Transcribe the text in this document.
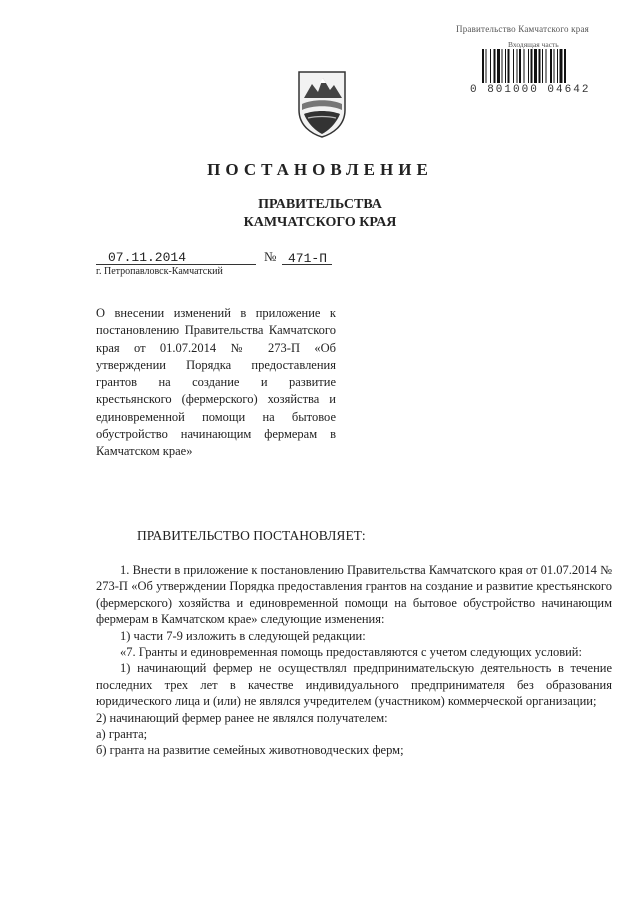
Правительство Камчатского края
Входящая часть
0 801000 04642
ПОСТАНОВЛЕНИЕ
ПРАВИТЕЛЬСТВА
КАМЧАТСКОГО КРАЯ
07.11.2014	№ 471-П
г. Петропавловск-Камчатский
О внесении изменений в приложение к постановлению Правительства Камчатского края от 01.07.2014 № 273-П «Об утверждении Порядка предоставления грантов на создание и развитие крестьянского (фермерского) хозяйства и единовременной помощи на бытовое обустройство начинающим фермерам в Камчатском крае»
ПРАВИТЕЛЬСТВО ПОСТАНОВЛЯЕТ:

1. Внести в приложение к постановлению Правительства Камчатского края от 01.07.2014 № 273-П «Об утверждении Порядка предоставления грантов на создание и развитие крестьянского (фермерского) хозяйства и единовременной помощи на бытовое обустройство начинающим фермерам в Камчатском крае» следующие изменения:

1) части 7-9 изложить в следующей редакции:

«7. Гранты и единовременная помощь предоставляются с учетом следующих условий:

1) начинающий фермер не осуществлял предпринимательскую деятельность в течение последних трех лет в качестве индивидуального предпринимателя без образования юридического лица и (или) не являлся учредителем (участником) коммерческой организации;

2) начинающий фермер ранее не являлся получателем:

а) гранта;

б) гранта на развитие семейных животноводческих ферм;
